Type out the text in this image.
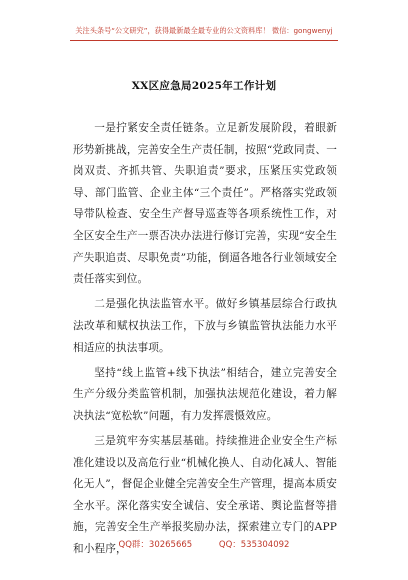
关注头条号“公文研究”，获得最新最全最专业的公文资料库！ 微信：gongwenyj
XX区应急局2025年工作计划

一是拧紧安全责任链条。立足新发展阶段，着眼新形势新挑战，完善安全生产责任制，按照“党政同责、一岗双责、齐抓共管、失职追责”要求，压紧压实党政领导、部门监管、企业主体“三个责任”。严格落实党政领导带队检查、安全生产督导巡查等各项系统性工作，对全区安全生产一票否决办法进行修订完善，实现“安全生产失职追责、尽职免责”功能，倒逼各地各行业领域安全责任落实到位。

二是强化执法监管水平。做好乡镇基层综合行政执法改革和赋权执法工作，下放与乡镇监管执法能力水平相适应的执法事项。

坚持“线上监管+线下执法”相结合，建立完善安全生产分级分类监管机制，加强执法规范化建设，着力解决执法“宽松软”问题，有力发挥震慑效应。

三是筑牢夯实基层基础。持续推进企业安全生产标准化建设以及高危行业“机械化换人、自动化减人、智能化无人”，督促企业健全完善安全生产管理，提高本质安全水平。深化落实安全诚信、安全承诺、舆论监督等措施，完善安全生产举报奖励办法，探索建立专门的APP和小程序，

QQ群：30265665	QQ：535304092
